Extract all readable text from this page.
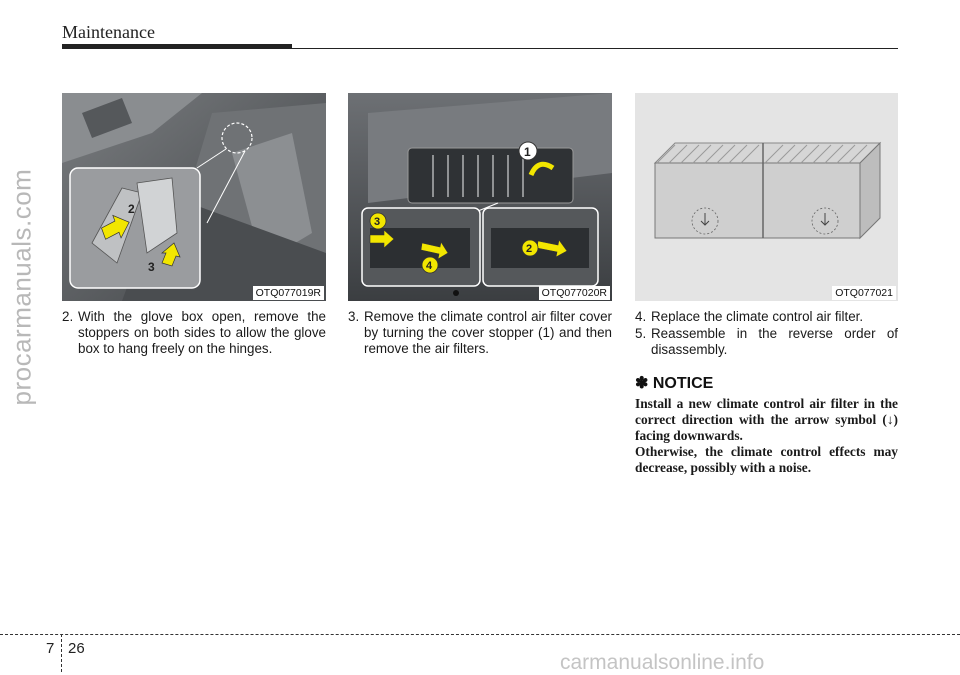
Maintenance
procarmanuals.com	2
3
OTQ077019R
1
3
4
2
OTQ077020R	OTQ077021
2. With the glove box open, remove the stoppers on both sides to allow the glove box to hang freely on the hinges.
3. Remove the climate control air filter cover by turning the cover stopper (1) and then remove the air filters.
4. Replace the climate control air filter.
5. Reassemble in the reverse order of disassembly.
✽ NOTICE
Install a new climate control air filter in the correct direction with the arrow symbol (↓) facing downwards.
Otherwise, the climate control effects may decrease, possibly with a noise.
7 26
carmanualsonline.info
